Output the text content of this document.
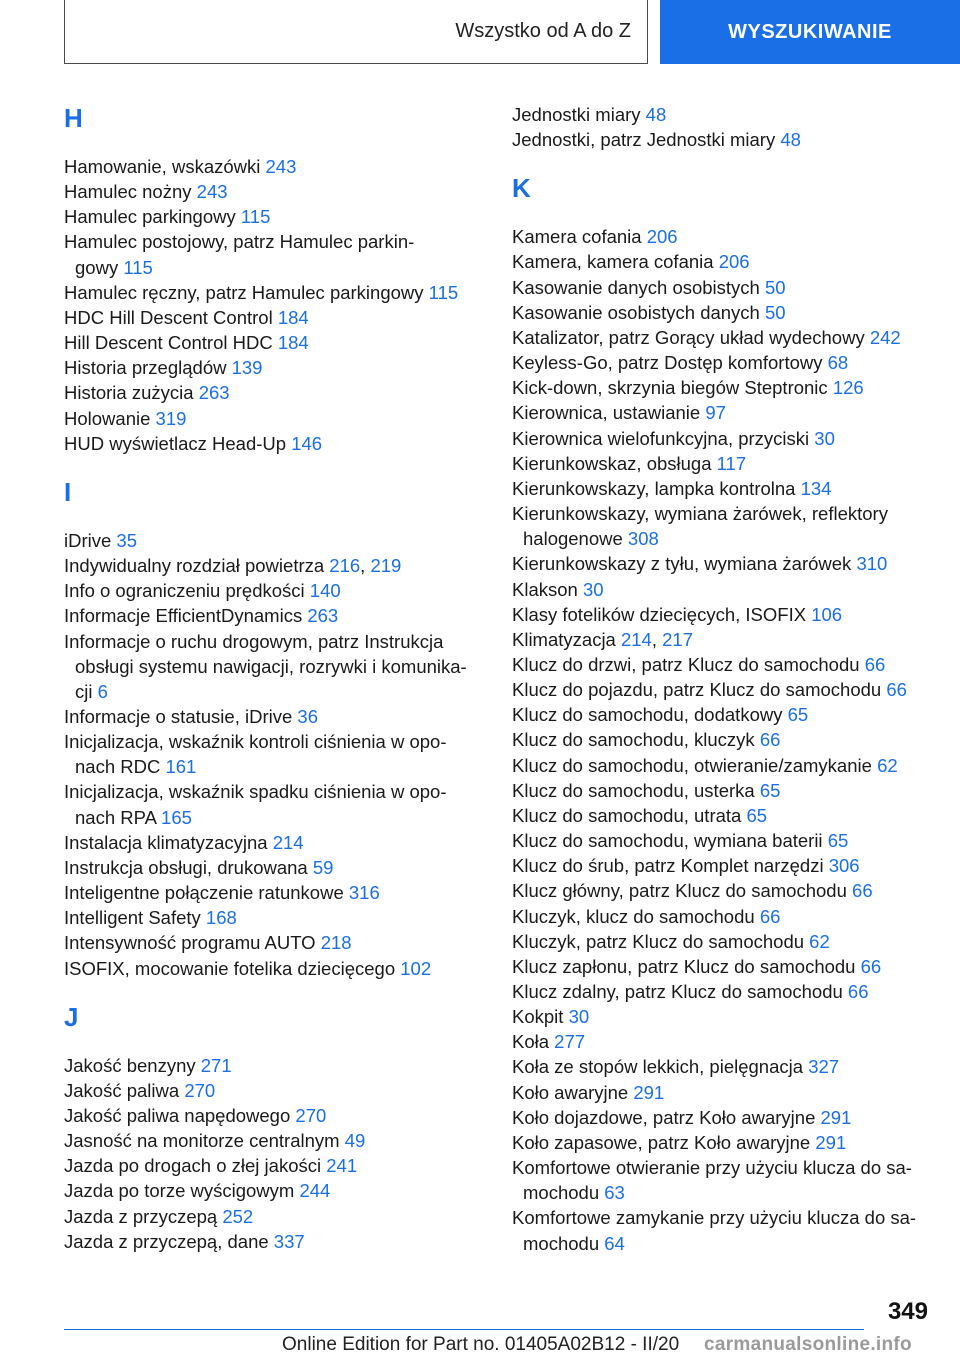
Wszystko od A do Z	WYSZUKIWANIE
H
Hamowanie, wskazówki 243
Hamulec nożny 243
Hamulec parkingowy 115
Hamulec postojowy, patrz Hamulec parkin-
gowy 115
Hamulec ręczny, patrz Hamulec parkingowy 115
HDC Hill Descent Control 184
Hill Descent Control HDC 184
Historia przeglądów 139
Historia zużycia 263
Holowanie 319
HUD wyświetlacz Head-Up 146
I
iDrive 35
Indywidualny rozdział powietrza 216, 219
Info o ograniczeniu prędkości 140
Informacje EfficientDynamics 263
Informacje o ruchu drogowym, patrz Instrukcja
obsługi systemu nawigacji, rozrywki i komunika-
cji 6
Informacje o statusie, iDrive 36
Inicjalizacja, wskaźnik kontroli ciśnienia w opo-
nach RDC 161
Inicjalizacja, wskaźnik spadku ciśnienia w opo-
nach RPA 165
Instalacja klimatyzacyjna 214
Instrukcja obsługi, drukowana 59
Inteligentne połączenie ratunkowe 316
Intelligent Safety 168
Intensywność programu AUTO 218
ISOFIX, mocowanie fotelika dziecięcego 102
J
Jakość benzyny 271
Jakość paliwa 270
Jakość paliwa napędowego 270
Jasność na monitorze centralnym 49
Jazda po drogach o złej jakości 241
Jazda po torze wyścigowym 244
Jazda z przyczepą 252
Jazda z przyczepą, dane 337
Jednostki miary 48
Jednostki, patrz Jednostki miary 48
K
Kamera cofania 206
Kamera, kamera cofania 206
Kasowanie danych osobistych 50
Kasowanie osobistych danych 50
Katalizator, patrz Gorący układ wydechowy 242
Keyless-Go, patrz Dostęp komfortowy 68
Kick-down, skrzynia biegów Steptronic 126
Kierownica, ustawianie 97
Kierownica wielofunkcyjna, przyciski 30
Kierunkowskaz, obsługa 117
Kierunkowskazy, lampka kontrolna 134
Kierunkowskazy, wymiana żarówek, reflektory
halogenowe 308
Kierunkowskazy z tyłu, wymiana żarówek 310
Klakson 30
Klasy fotelików dziecięcych, ISOFIX 106
Klimatyzacja 214, 217
Klucz do drzwi, patrz Klucz do samochodu 66
Klucz do pojazdu, patrz Klucz do samochodu 66
Klucz do samochodu, dodatkowy 65
Klucz do samochodu, kluczyk 66
Klucz do samochodu, otwieranie/zamykanie 62
Klucz do samochodu, usterka 65
Klucz do samochodu, utrata 65
Klucz do samochodu, wymiana baterii 65
Klucz do śrub, patrz Komplet narzędzi 306
Klucz główny, patrz Klucz do samochodu 66
Kluczyk, klucz do samochodu 66
Kluczyk, patrz Klucz do samochodu 62
Klucz zapłonu, patrz Klucz do samochodu 66
Klucz zdalny, patrz Klucz do samochodu 66
Kokpit 30
Koła 277
Koła ze stopów lekkich, pielęgnacja 327
Koło awaryjne 291
Koło dojazdowe, patrz Koło awaryjne 291
Koło zapasowe, patrz Koło awaryjne 291
Komfortowe otwieranie przy użyciu klucza do sa-
mochodu 63
Komfortowe zamykanie przy użyciu klucza do sa-
mochodu 64
349
Online Edition for Part no. 01405A02B12 - II/20 carmanualsonline.info
